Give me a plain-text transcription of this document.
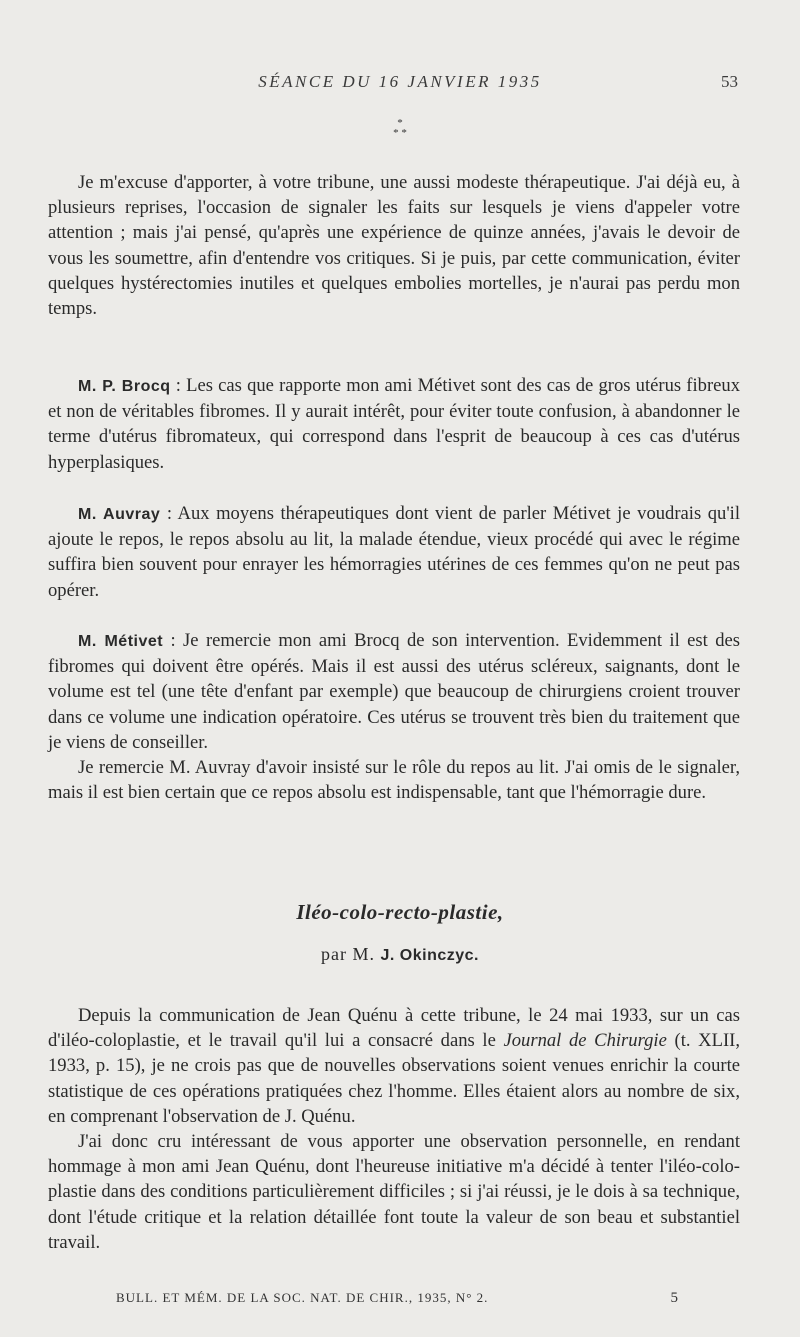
SÉANCE DU 16 JANVIER 1935	53
*
* *

Je m'excuse d'apporter, à votre tribune, une aussi modeste thérapeutique. J'ai déjà eu, à plusieurs reprises, l'occasion de signaler les faits sur lesquels je viens d'appeler votre attention ; mais j'ai pensé, qu'après une expérience de quinze années, j'avais le devoir de vous les soumettre, afin d'entendre vos critiques. Si je puis, par cette communication, éviter quelques hystérectomies inutiles et quelques embolies mortelles, je n'aurai pas perdu mon temps.

M. P. Brocq : Les cas que rapporte mon ami Métivet sont des cas de gros utérus fibreux et non de véritables fibromes. Il y aurait intérêt, pour éviter toute confusion, à abandonner le terme d'utérus fibromateux, qui correspond dans l'esprit de beaucoup à ces cas d'utérus hyperplasiques.

M. Auvray : Aux moyens thérapeutiques dont vient de parler Métivet je voudrais qu'il ajoute le repos, le repos absolu au lit, la malade étendue, vieux procédé qui avec le régime suffira bien souvent pour enrayer les hémorragies utérines de ces femmes qu'on ne peut pas opérer.

M. Métivet : Je remercie mon ami Brocq de son intervention. Evidemment il est des fibromes qui doivent être opérés. Mais il est aussi des utérus scléreux, saignants, dont le volume est tel (une tête d'enfant par exemple) que beaucoup de chirurgiens croient trouver dans ce volume une indication opératoire. Ces utérus se trouvent très bien du traitement que je viens de conseiller.

Je remercie M. Auvray d'avoir insisté sur le rôle du repos au lit. J'ai omis de le signaler, mais il est bien certain que ce repos absolu est indispensable, tant que l'hémorragie dure.

Iléo-colo-recto-plastie,
par M. J. Okinczyc.

Depuis la communication de Jean Quénu à cette tribune, le 24 mai 1933, sur un cas d'iléo-coloplastie, et le travail qu'il lui a consacré dans le Journal de Chirurgie (t. XLII, 1933, p. 15), je ne crois pas que de nouvelles observations soient venues enrichir la courte statistique de ces opérations pratiquées chez l'homme. Elles étaient alors au nombre de six, en comprenant l'observation de J. Quénu.

J'ai donc cru intéressant de vous apporter une observation personnelle, en rendant hommage à mon ami Jean Quénu, dont l'heureuse initiative m'a décidé à tenter l'iléo-colo-plastie dans des conditions particulièrement difficiles ; si j'ai réussi, je le dois à sa technique, dont l'étude critique et la relation détaillée font toute la valeur de son beau et substantiel travail.

BULL. ET MÉM. DE LA SOC. NAT. DE CHIR., 1935, N° 2.	5
